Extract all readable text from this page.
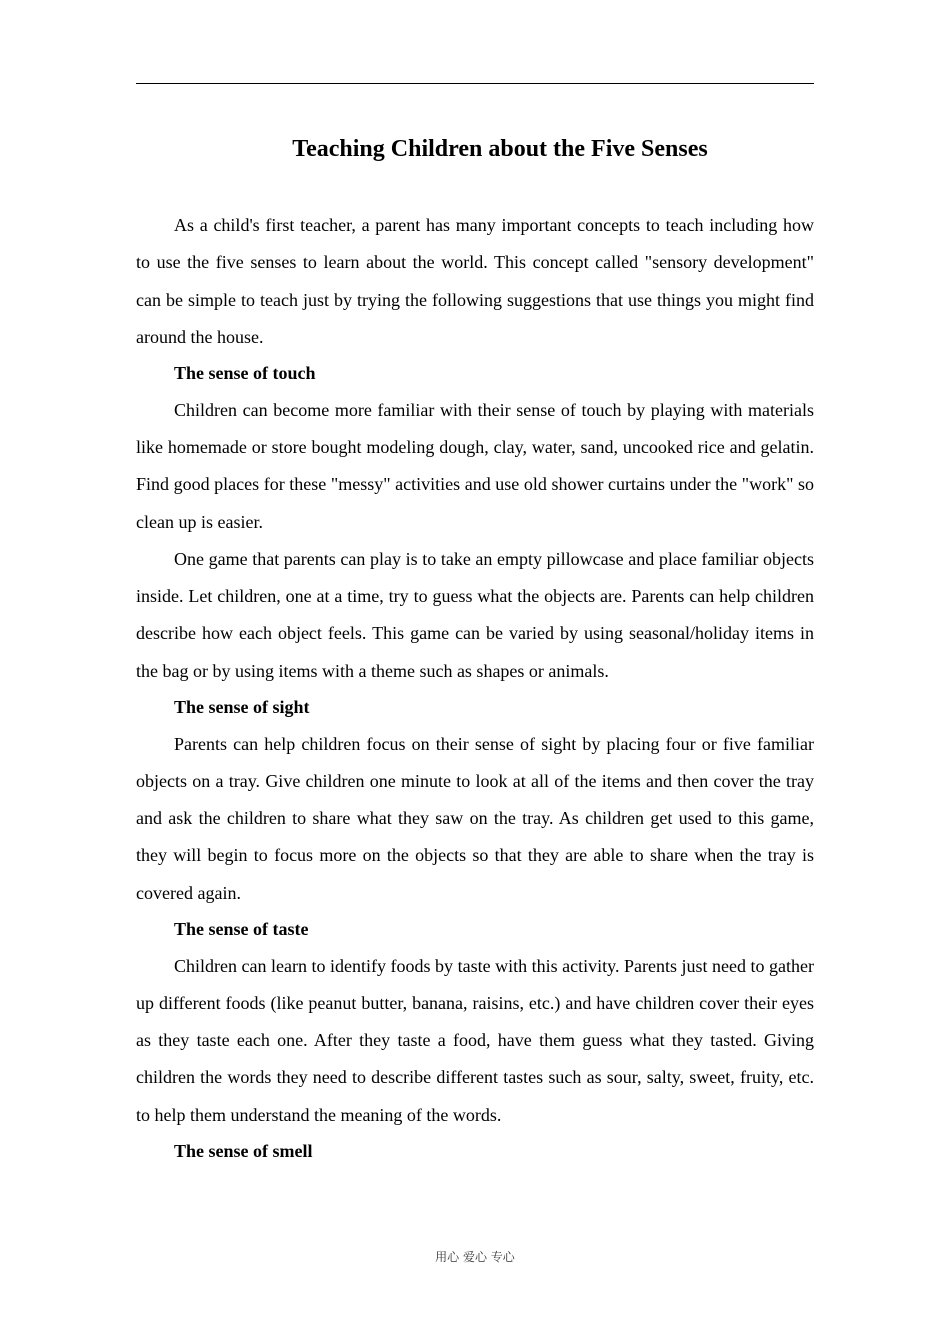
Teaching Children about the Five Senses

As a child's first teacher, a parent has many important concepts to teach including how to use the five senses to learn about the world. This concept called "sensory development" can be simple to teach just by trying the following suggestions that use things you might find around the house.

The sense of touch

Children can become more familiar with their sense of touch by playing with materials like homemade or store bought modeling dough, clay, water, sand, uncooked rice and gelatin. Find good places for these "messy" activities and use old shower curtains under the "work" so clean up is easier.

One game that parents can play is to take an empty pillowcase and place familiar objects inside. Let children, one at a time, try to guess what the objects are. Parents can help children describe how each object feels. This game can be varied by using seasonal/holiday items in the bag or by using items with a theme such as shapes or animals.

The sense of sight

Parents can help children focus on their sense of sight by placing four or five familiar objects on a tray. Give children one minute to look at all of the items and then cover the tray and ask the children to share what they saw on the tray. As children get used to this game, they will begin to focus more on the objects so that they are able to share when the tray is covered again.

The sense of taste

Children can learn to identify foods by taste with this activity. Parents just need to gather up different foods (like peanut butter, banana, raisins, etc.) and have children cover their eyes as they taste each one. After they taste a food, have them guess what they tasted. Giving children the words they need to describe different tastes such as sour, salty, sweet, fruity, etc. to help them understand the meaning of the words.

The sense of smell

用心 爱心 专心
